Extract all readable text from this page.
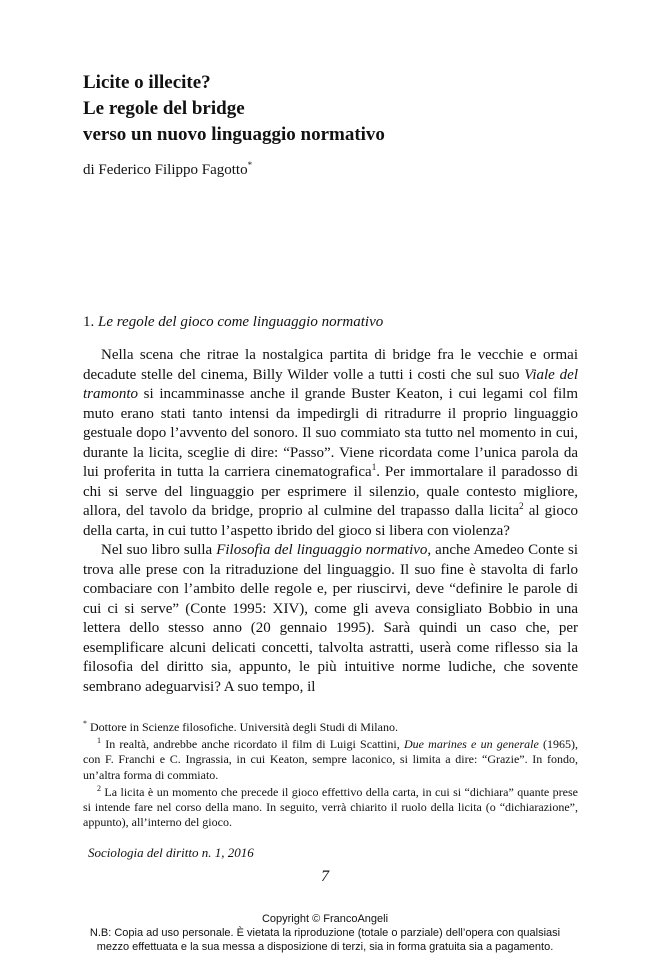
Licite o illecite?

Le regole del bridge

verso un nuovo linguaggio normativo

di Federico Filippo Fagotto*
1. Le regole del gioco come linguaggio normativo

Nella scena che ritrae la nostalgica partita di bridge fra le vecchie e ormai decadute stelle del cinema, Billy Wilder volle a tutti i costi che sul suo Viale del tramonto si incamminasse anche il grande Buster Keaton, i cui legami col film muto erano stati tanto intensi da impedirgli di ritradurre il proprio linguaggio gestuale dopo l’avvento del sonoro. Il suo commiato sta tutto nel momento in cui, durante la licita, sceglie di dire: “Passo”. Viene ricordata come l’unica parola da lui proferita in tutta la carriera cinematografica$^1$. Per immortalare il paradosso di chi si serve del linguaggio per esprimere il silenzio, quale contesto migliore, allora, del tavolo da bridge, proprio al culmine del trapasso dalla licita$^2$ al gioco della carta, in cui tutto l’aspetto ibrido del gioco si libera con violenza?

Nel suo libro sulla Filosofia del linguaggio normativo, anche Amedeo Conte si trova alle prese con la ritraduzione del linguaggio. Il suo fine è stavolta di farlo combaciare con l’ambito delle regole e, per riuscirvi, deve “definire le parole di cui ci si serve” (Conte 1995: XIV), come gli aveva consigliato Bobbio in una lettera dello stesso anno (20 gennaio 1995). Sarà quindi un caso che, per esemplificare alcuni delicati concetti, talvolta astratti, userà come riflesso sia la filosofia del diritto sia, appunto, le più intuitive norme ludiche, che sovente sembrano adeguarvisi? A suo tempo, il

* Dottore in Scienze filosofiche. Università degli Studi di Milano.

$^1$ In realtà, andrebbe anche ricordato il film di Luigi Scattini, Due marines e un generale (1965), con F. Franchi e C. Ingrassia, in cui Keaton, sempre laconico, si limita a dire: “Grazie”. In fondo, un’altra forma di commiato.

$^2$ La licita è un momento che precede il gioco effettivo della carta, in cui si “dichiara” quante prese si intende fare nel corso della mano. In seguito, verrà chiarito il ruolo della licita (o “dichiarazione”, appunto), all’interno del gioco.

Sociologia del diritto n. 1, 2016
7
Copyright © FrancoAngeli
N.B: Copia ad uso personale. È vietata la riproduzione (totale o parziale) dell’opera con qualsiasi
mezzo effettuata e la sua messa a disposizione di terzi, sia in forma gratuita sia a pagamento.
